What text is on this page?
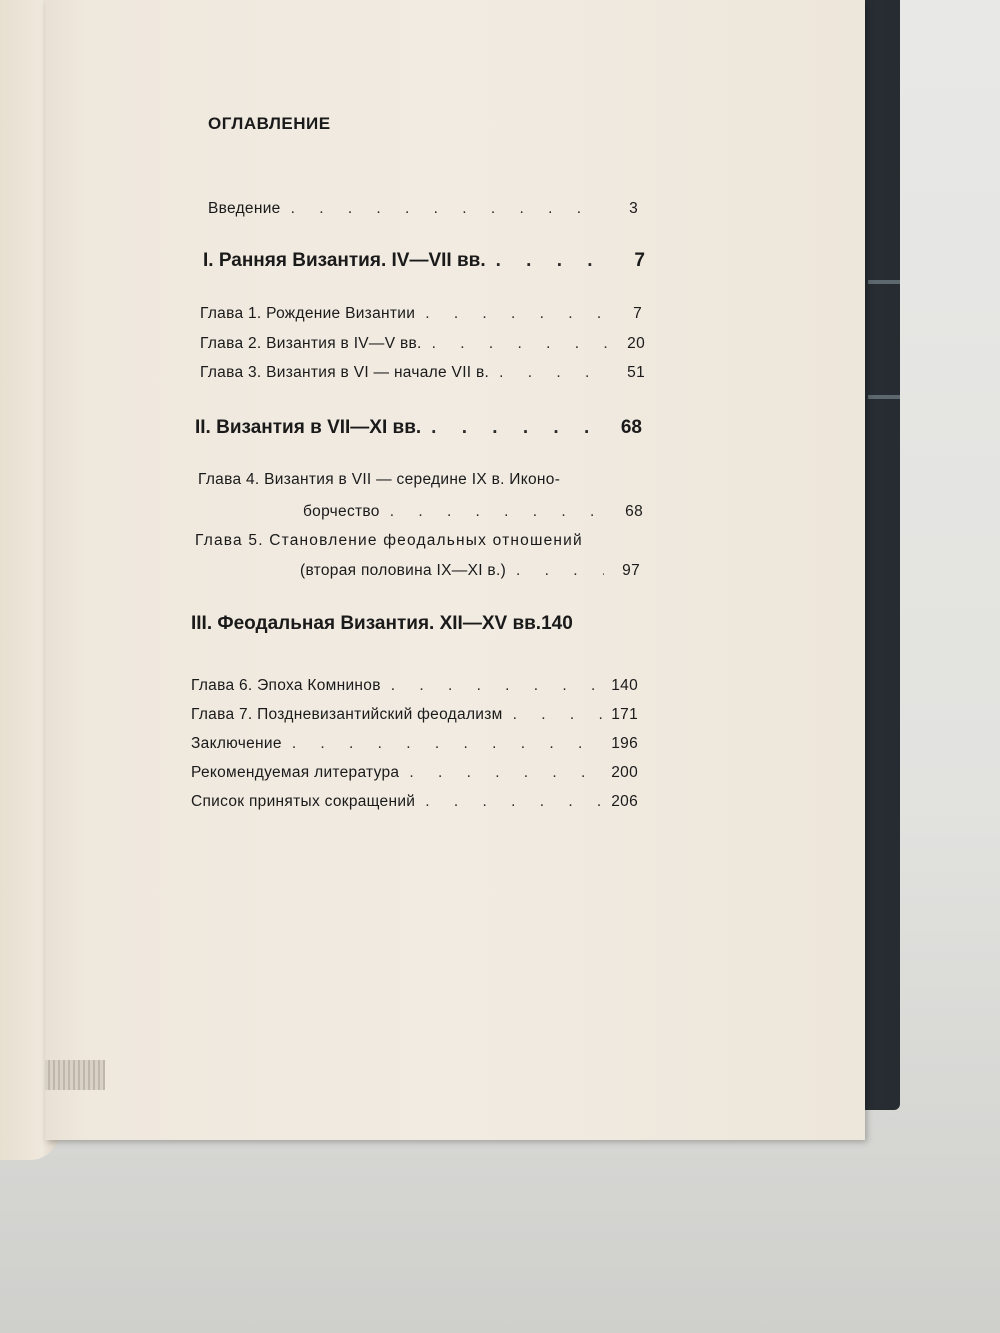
ОГЛАВЛЕНИЕ
Введение . . .	3
I. Ранняя Византия. IV—VII вв. . . .	7
Глава 1. Рождение Византии . . .	7
Глава 2. Византия в IV—V вв. . . .	20
Глава 3. Византия в VI — начале VII в. . . .	51
II. Византия в VII—XI вв. . . .	68
Глава 4. Византия в VII — середине IX в. Иконо-
борчество . . .	68
Глава 5. Становление феодальных отношений
(вторая половина IX—XI в.) . . .	97
III. Феодальная Византия. XII—XV вв. 140
Глава 6. Эпоха Комнинов . . .	140
Глава 7. Поздневизантийский феодализм . . .	171
Заключение . . .	196
Рекомендуемая литература . . .	200
Список принятых сокращений . . .	206
